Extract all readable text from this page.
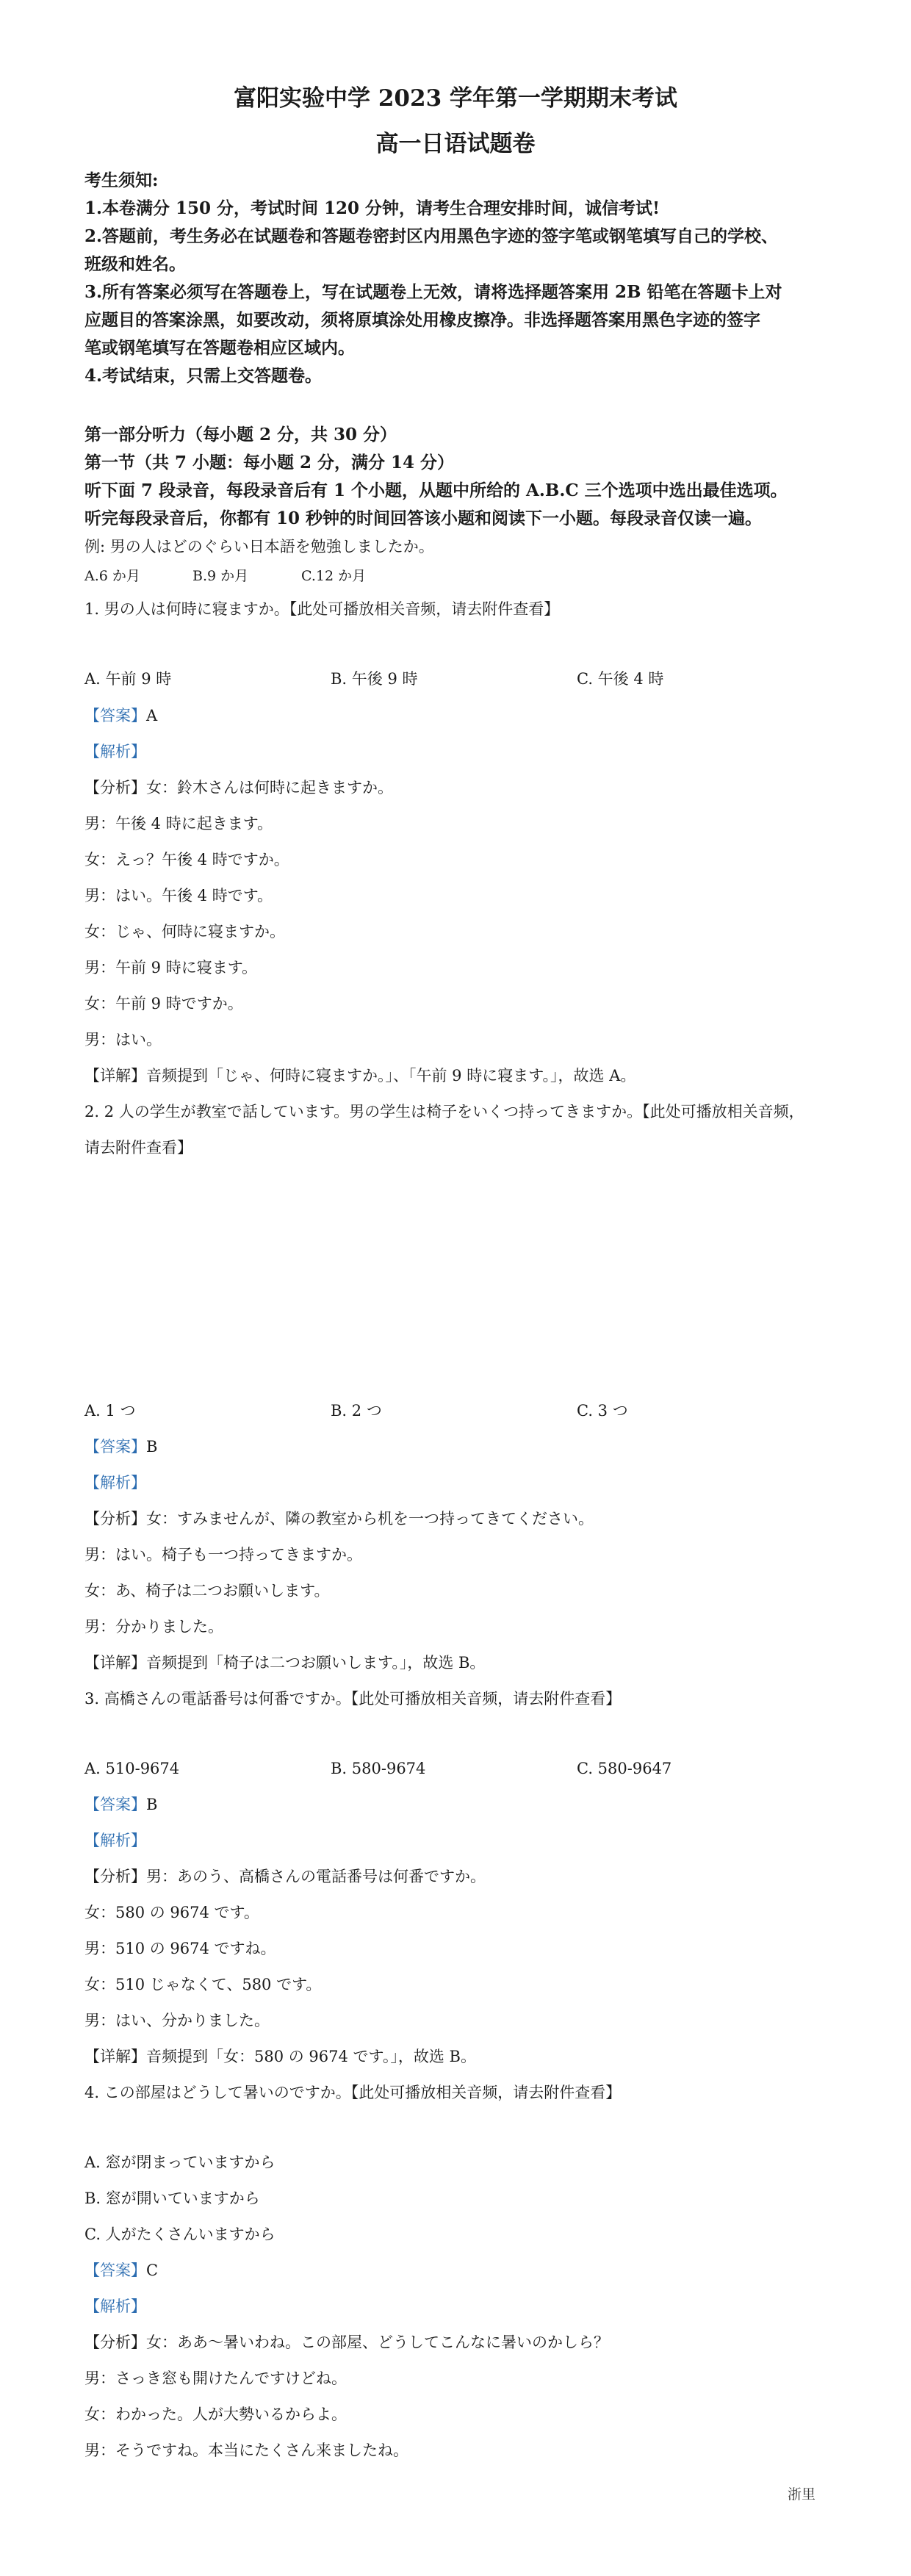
富阳实验中学 2023 学年第一学期期末考试
高一日语试题卷
考生须知:
1.本卷满分 150 分，考试时间 120 分钟，请考生合理安排时间，诚信考试!
2.答题前，考生务必在试题卷和答题卷密封区内用黑色字迹的签字笔或钢笔填写自己的学校、
班级和姓名。
3.所有答案必须写在答题卷上，写在试题卷上无效，请将选择题答案用 2B 铅笔在答题卡上对
应题目的答案涂黑，如要改动，须将原填涂处用橡皮擦净。非选择题答案用黑色字迹的签字
笔或钢笔填写在答题卷相应区域内。
4.考试结束，只需上交答题卷。
第一部分听力（每小题 2 分，共 30 分）
第一节（共 7 小题：每小题 2 分，满分 14 分）
听下面 7 段录音，每段录音后有 1 个小题，从题中所给的 A.B.C 三个选项中选出最佳选项。
听完每段录音后，你都有 10 秒钟的时间回答该小题和阅读下一小题。每段录音仅读一遍。
例: 男の人はどのぐらい日本語を勉強しましたか。
A.6 か月	B.9 か月	C.12 か月
1. 男の人は何時に寝ますか。【此处可播放相关音频，请去附件查看】
A. 午前 9 時	B. 午後 9 時	C. 午後 4 時
【答案】A
【解析】
【分析】女：鈴木さんは何時に起きますか。
男：午後 4 時に起きます。
女：えっ？午後 4 時ですか。
男：はい。午後 4 時です。
女：じゃ、何時に寝ますか。
男：午前 9 時に寝ます。
女：午前 9 時ですか。
男：はい。
【详解】音频提到「じゃ、何時に寝ますか。」、「午前 9 時に寝ます。」，故选 A。
2. 2 人の学生が教室で話しています。男の学生は椅子をいくつ持ってきますか。【此处可播放相关音频，
请去附件查看】
A. 1 つ	B. 2 つ	C. 3 つ
【答案】B
【解析】
【分析】女：すみませんが、隣の教室から机を一つ持ってきてください。
男：はい。椅子も一つ持ってきますか。
女：あ、椅子は二つお願いします。
男：分かりました。
【详解】音频提到「椅子は二つお願いします。」，故选 B。
3. 高橋さんの電話番号は何番ですか。【此处可播放相关音频，请去附件查看】
A. 510-9674	B. 580-9674	C. 580-9647
【答案】B
【解析】
【分析】男：あのう、高橋さんの電話番号は何番ですか。
女：580 の 9674 です。
男：510 の 9674 ですね。
女：510 じゃなくて、580 です。
男：はい、分かりました。
【详解】音频提到「女：580 の 9674 です。」，故选 B。
4. この部屋はどうして暑いのですか。【此处可播放相关音频，请去附件查看】
A. 窓が閉まっていますから
B. 窓が開いていますから
C. 人がたくさんいますから
【答案】C
【解析】
【分析】女：ああ～暑いわね。この部屋、どうしてこんなに暑いのかしら？
男：さっき窓も開けたんですけどね。
女：わかった。人が大勢いるからよ。
男：そうですね。本当にたくさん来ましたね。
浙里
